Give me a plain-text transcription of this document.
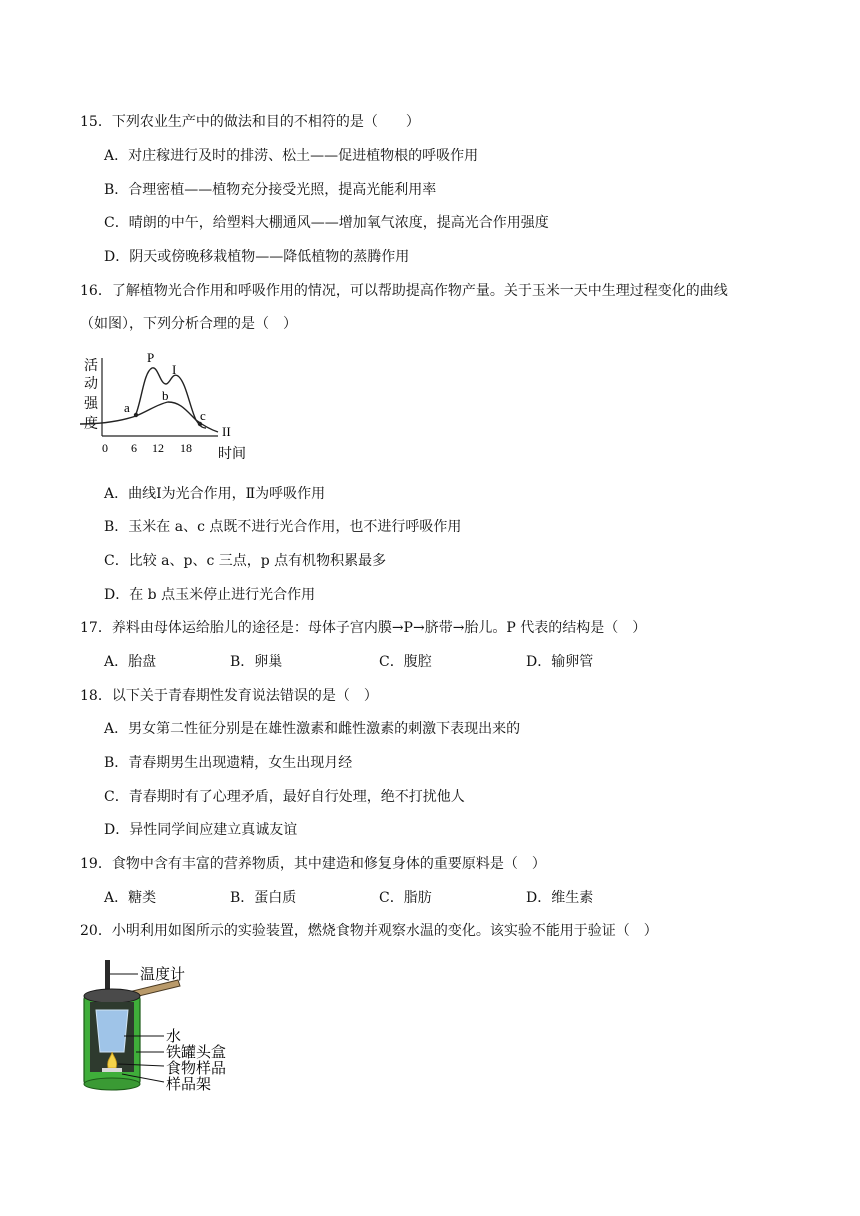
15．下列农业生产中的做法和目的不相符的是（　　）
A．对庄稼进行及时的排涝、松土——促进植物根的呼吸作用
B．合理密植——植物充分接受光照，提高光能利用率
C．晴朗的中午，给塑料大棚通风——增加氧气浓度，提高光合作用强度
D．阴天或傍晚移栽植物——降低植物的蒸腾作用
16．了解植物光合作用和呼吸作用的情况，可以帮助提高作物产量。关于玉米一天中生理过程变化的曲线
（如图），下列分析合理的是（　）
活
动
强
度
P
a
b
c
I
II
0 6 12 18 时间
A．曲线Ⅰ为光合作用，Ⅱ为呼吸作用
B．玉米在 a、c 点既不进行光合作用，也不进行呼吸作用
C．比较 a、p、c 三点，p 点有机物积累最多
D．在 b 点玉米停止进行光合作用
17．养料由母体运给胎儿的途径是：母体子宫内膜→P→脐带→胎儿。P 代表的结构是（　）
A．胎盘	B．卵巢	C．腹腔	D．输卵管
18．以下关于青春期性发育说法错误的是（　）
A．男女第二性征分别是在雄性激素和雌性激素的刺激下表现出来的
B．青春期男生出现遗精，女生出现月经
C．青春期时有了心理矛盾，最好自行处理，绝不打扰他人
D．异性同学间应建立真诚友谊
19．食物中含有丰富的营养物质，其中建造和修复身体的重要原料是（　）
A．糖类	B．蛋白质	C．脂肪	D．维生素
20．小明利用如图所示的实验装置，燃烧食物并观察水温的变化。该实验不能用于验证（　）
温度计
水
铁罐头盒
食物样品
样品架
